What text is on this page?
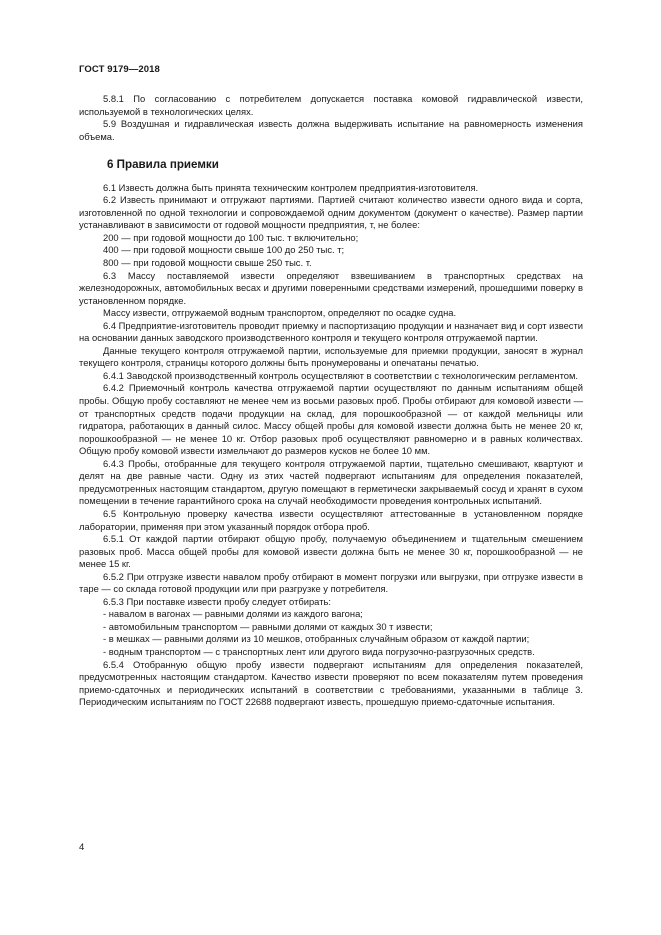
ГОСТ 9179—2018

5.8.1 По согласованию с потребителем допускается поставка комовой гидравлической извести, используемой в технологических целях.

5.9 Воздушная и гидравлическая известь должна выдерживать испытание на равномерность изменения объема.

6 Правила приемки

6.1 Известь должна быть принята техническим контролем предприятия-изготовителя.

6.2 Известь принимают и отгружают партиями. Партией считают количество извести одного вида и сорта, изготовленной по одной технологии и сопровождаемой одним документом (документ о качестве). Размер партии устанавливают в зависимости от годовой мощности предприятия, т, не более:

200 — при годовой мощности до 100 тыс. т включительно;

400 — при годовой мощности свыше 100 до 250 тыс. т;

800 — при годовой мощности свыше 250 тыс. т.

6.3 Массу поставляемой извести определяют взвешиванием в транспортных средствах на железнодорожных, автомобильных весах и другими поверенными средствами измерений, прошедшими поверку в установленном порядке.

Массу извести, отгружаемой водным транспортом, определяют по осадке судна.

6.4 Предприятие-изготовитель проводит приемку и паспортизацию продукции и назначает вид и сорт извести на основании данных заводского производственного контроля и текущего контроля отгружаемой партии.

Данные текущего контроля отгружаемой партии, используемые для приемки продукции, заносят в журнал текущего контроля, страницы которого должны быть пронумерованы и опечатаны печатью.

6.4.1 Заводской производственный контроль осуществляют в соответствии с технологическим регламентом.

6.4.2 Приемочный контроль качества отгружаемой партии осуществляют по данным испытаниям общей пробы. Общую пробу составляют не менее чем из восьми разовых проб. Пробы отбирают для комовой извести — от транспортных средств подачи продукции на склад, для порошкообразной — от каждой мельницы или гидратора, работающих в данный силос. Массу общей пробы для комовой извести должна быть не менее 20 кг, порошкообразной — не менее 10 кг. Отбор разовых проб осуществляют равномерно и в равных количествах. Общую пробу комовой извести измельчают до размеров кусков не более 10 мм.

6.4.3 Пробы, отобранные для текущего контроля отгружаемой партии, тщательно смешивают, квартуют и делят на две равные части. Одну из этих частей подвергают испытаниям для определения показателей, предусмотренных настоящим стандартом, другую помещают в герметически закрываемый сосуд и хранят в сухом помещении в течение гарантийного срока на случай необходимости проведения контрольных испытаний.

6.5 Контрольную проверку качества извести осуществляют аттестованные в установленном порядке лаборатории, применяя при этом указанный порядок отбора проб.

6.5.1 От каждой партии отбирают общую пробу, получаемую объединением и тщательным смешением разовых проб. Масса общей пробы для комовой извести должна быть не менее 30 кг, порошкообразной — не менее 15 кг.

6.5.2 При отгрузке извести навалом пробу отбирают в момент погрузки или выгрузки, при отгрузке извести в таре — со склада готовой продукции или при разгрузке у потребителя.

6.5.3 При поставке извести пробу следует отбирать:

- навалом в вагонах — равными долями из каждого вагона;

- автомобильным транспортом — равными долями от каждых 30 т извести;

- в мешках — равными долями из 10 мешков, отобранных случайным образом от каждой партии;

- водным транспортом — с транспортных лент или другого вида погрузочно-разгрузочных средств.

6.5.4 Отобранную общую пробу извести подвергают испытаниям для определения показателей, предусмотренных настоящим стандартом. Качество извести проверяют по всем показателям путем проведения приемо-сдаточных и периодических испытаний в соответствии с требованиями, указанными в таблице 3. Периодическим испытаниям по ГОСТ 22688 подвергают известь, прошедшую приемо-сдаточные испытания.

4
